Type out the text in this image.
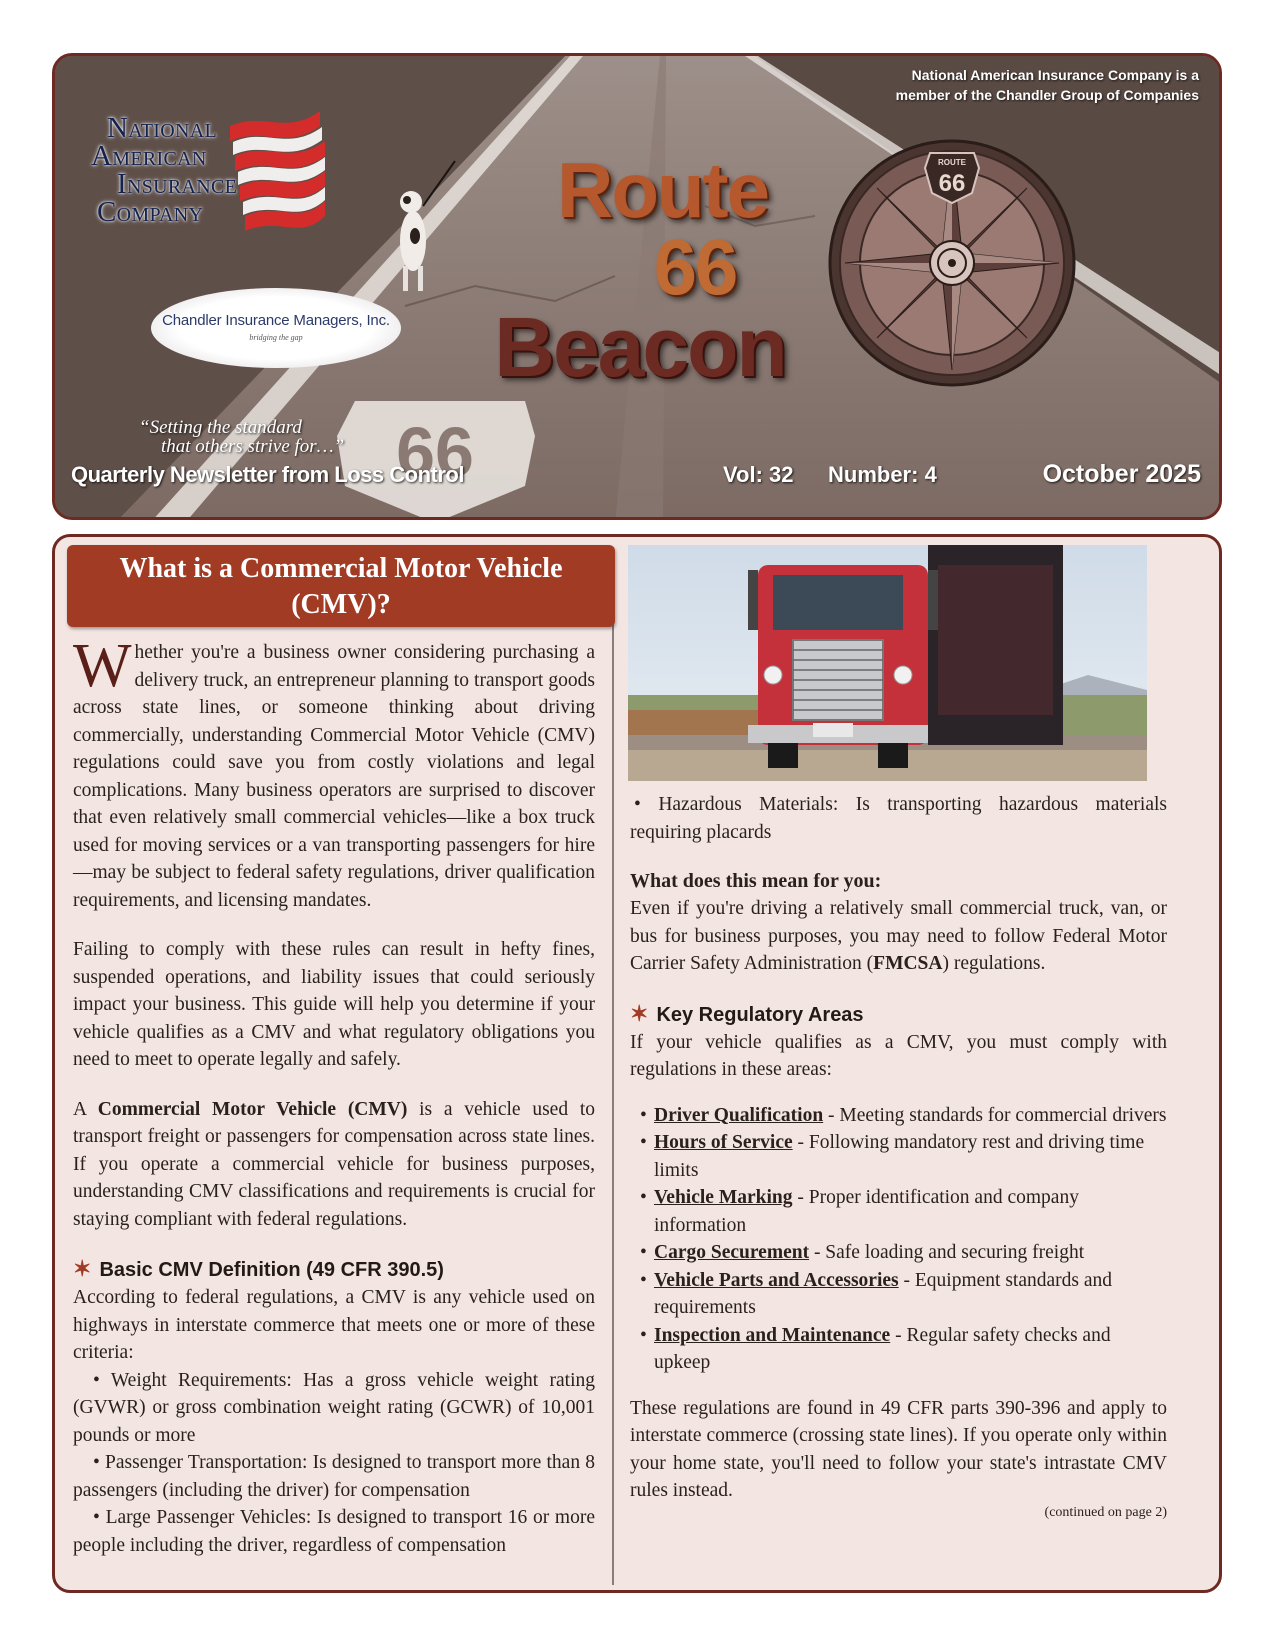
66
National
American
Insurance
Company
Chandler Insurance Managers, Inc.
bridging the gap
“Setting the standard
that others strive for…”
National American Insurance Company is a
member of the Chandler Group of Companies
Route
66
Beacon
ROUTE
66
Quarterly Newsletter from Loss Control	Vol: 32 Number: 4	October 2025
What is a Commercial Motor Vehicle
(CMV)?

Whether you're a business owner considering purchasing a delivery truck, an entrepreneur planning to transport goods across state lines, or someone thinking about driving commercially, understanding Commercial Motor Vehicle (CMV) regulations could save you from costly violations and legal complications. Many business operators are surprised to discover that even relatively small commercial vehicles—like a box truck used for moving services or a van transporting passengers for hire—may be subject to federal safety regulations, driver qualification requirements, and licensing mandates.

Failing to comply with these rules can result in hefty fines, suspended operations, and liability issues that could seriously impact your business. This guide will help you determine if your vehicle qualifies as a CMV and what regulatory obligations you need to meet to operate legally and safely.

A Commercial Motor Vehicle (CMV) is a vehicle used to transport freight or passengers for compensation across state lines. If you operate a commercial vehicle for business purposes, understanding CMV classifications and requirements is crucial for staying compliant with federal regulations.

✶ Basic CMV Definition (49 CFR 390.5)

According to federal regulations, a CMV is any vehicle used on highways in interstate commerce that meets one or more of these criteria:

• Weight Requirements: Has a gross vehicle weight rating (GVWR) or gross combination weight rating (GCWR) of 10,001 pounds or more

• Passenger Transportation: Is designed to transport more than 8 passengers (including the driver) for compensation

• Large Passenger Vehicles: Is designed to transport 16 or more people including the driver, regardless of compensation

• Hazardous Materials: Is transporting hazardous materials requiring placards

What does this mean for you:

Even if you're driving a relatively small commercial truck, van, or bus for business purposes, you may need to follow Federal Motor Carrier Safety Administration (FMCSA) regulations.

✶ Key Regulatory Areas

If your vehicle qualifies as a CMV, you must comply with regulations in these areas:

• Driver Qualification - Meeting standards for commercial drivers

• Hours of Service - Following mandatory rest and driving time limits

• Vehicle Marking - Proper identification and company information

• Cargo Securement - Safe loading and securing freight

• Vehicle Parts and Accessories - Equipment standards and requirements

• Inspection and Maintenance - Regular safety checks and upkeep

These regulations are found in 49 CFR parts 390-396 and apply to interstate commerce (crossing state lines). If you operate only within your home state, you'll need to follow your state's intrastate CMV rules instead.

(continued on page 2)
